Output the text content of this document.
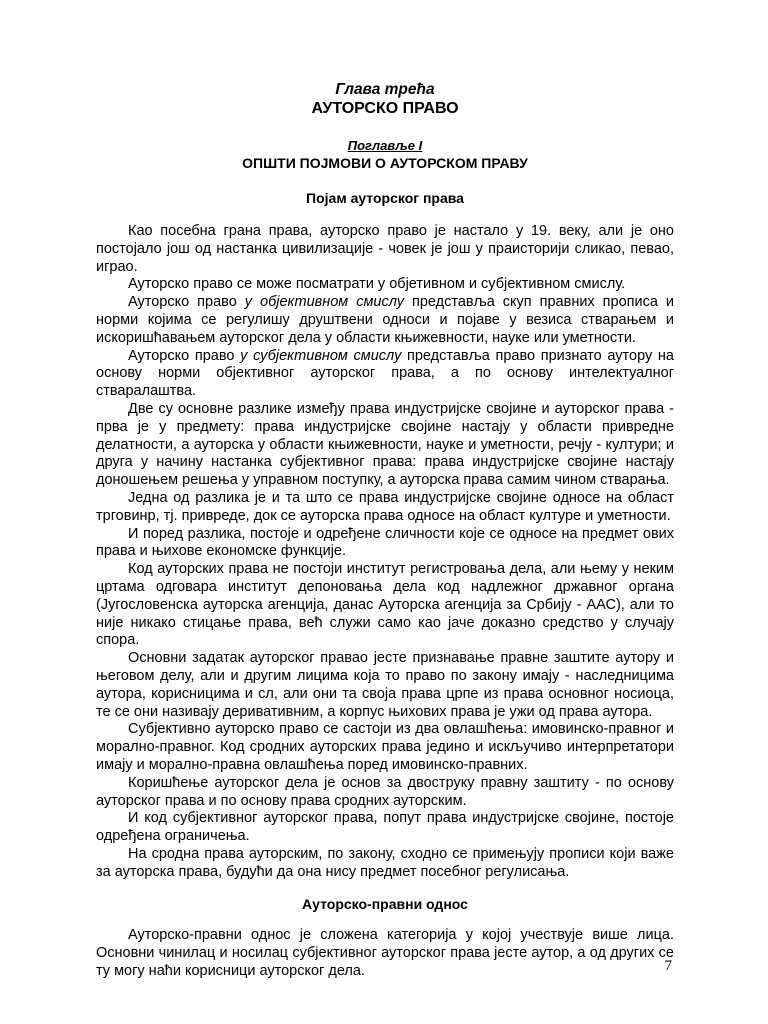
Глава трећа

АУТОРСКО ПРАВО

Поглавље I

ОПШТИ ПОЈМОВИ О АУТОРСКОМ ПРАВУ

Појам ауторског права

Као посебна грана права, ауторско право је настало у 19. веку, али је оно постојало још од настанка цивилизације - човек је још у праисторији сликао, певао, играо.

Ауторско право се може посматрати у објетивном и субјективном смислу.

Ауторско право у објективном смислу представља скуп правних прописа и норми којима се регулишу друштвени односи и појаве у везиса стварањем и искоришћавањем ауторског дела у области књижевности, науке или уметности.

Ауторско право у субјективном смислу представља право признато аутору на основу норми објективног ауторског права, а по основу интелектуалног стваралаштва.

Две су основне разлике између права индустријске својине и ауторског права - прва је у предмету: права индустријске својине настају у области привредне делатности, а ауторска у области књижевности, науке и уметности, речју - култури; и друга у начину настанка субјективног права: права индустријске својине настају доношењем решења у управном поступку, а ауторска права самим чином стварања.

Једна од разлика је и та што се права индустријске својине односе на област трговинр, тј. привреде, док се ауторска права односе на област културе и уметности.

И поред разлика, постоје и одређене сличности које се односе на предмет ових права и њихове економске функције.

Код ауторских права не постоји институт регистровања дела, али њему у неким цртама одговара институт депоновања дела код надлежног државног органа (Југословенска ауторска агенција, данас Ауторска агенција за Србију - ААС), али то није никако стицање права, већ служи само као јаче доказно средство у случају спора.

Основни задатак ауторског праваo јесте признавање правне заштите аутору и његовом делу, али и другим лицима која то право по закону имају - наследницима аутора, корисницима и сл, али они та своја права црпе из права основног носиоца, те се они називају деривативним, а корпус њихових права је ужи од права аутора.

Субјективно ауторско право се састоји из два овлашћења: имовинско-правног и морално-правног. Код сродних ауторских права једино и искључиво интерпретатори имају и морално-правна овлашћења поред имовинско-правних.

Коришћење ауторског дела је основ за двоструку правну заштиту - по основу ауторског права и по основу права сродних ауторским.

И код субјективног ауторског права, попут права индустријске својине, постоје одређена ограничења.

На сродна права ауторским, по закону, сходно се примењују прописи који важе за ауторска права, будући да она нису предмет посебног регулисања.

Ауторско-правни однос

Ауторско-правни однос је сложена категорија у којој учествује више лица. Основни чинилац и носилац субјективног ауторског права јесте аутор, а од других се ту могу наћи корисници ауторског дела.	7
